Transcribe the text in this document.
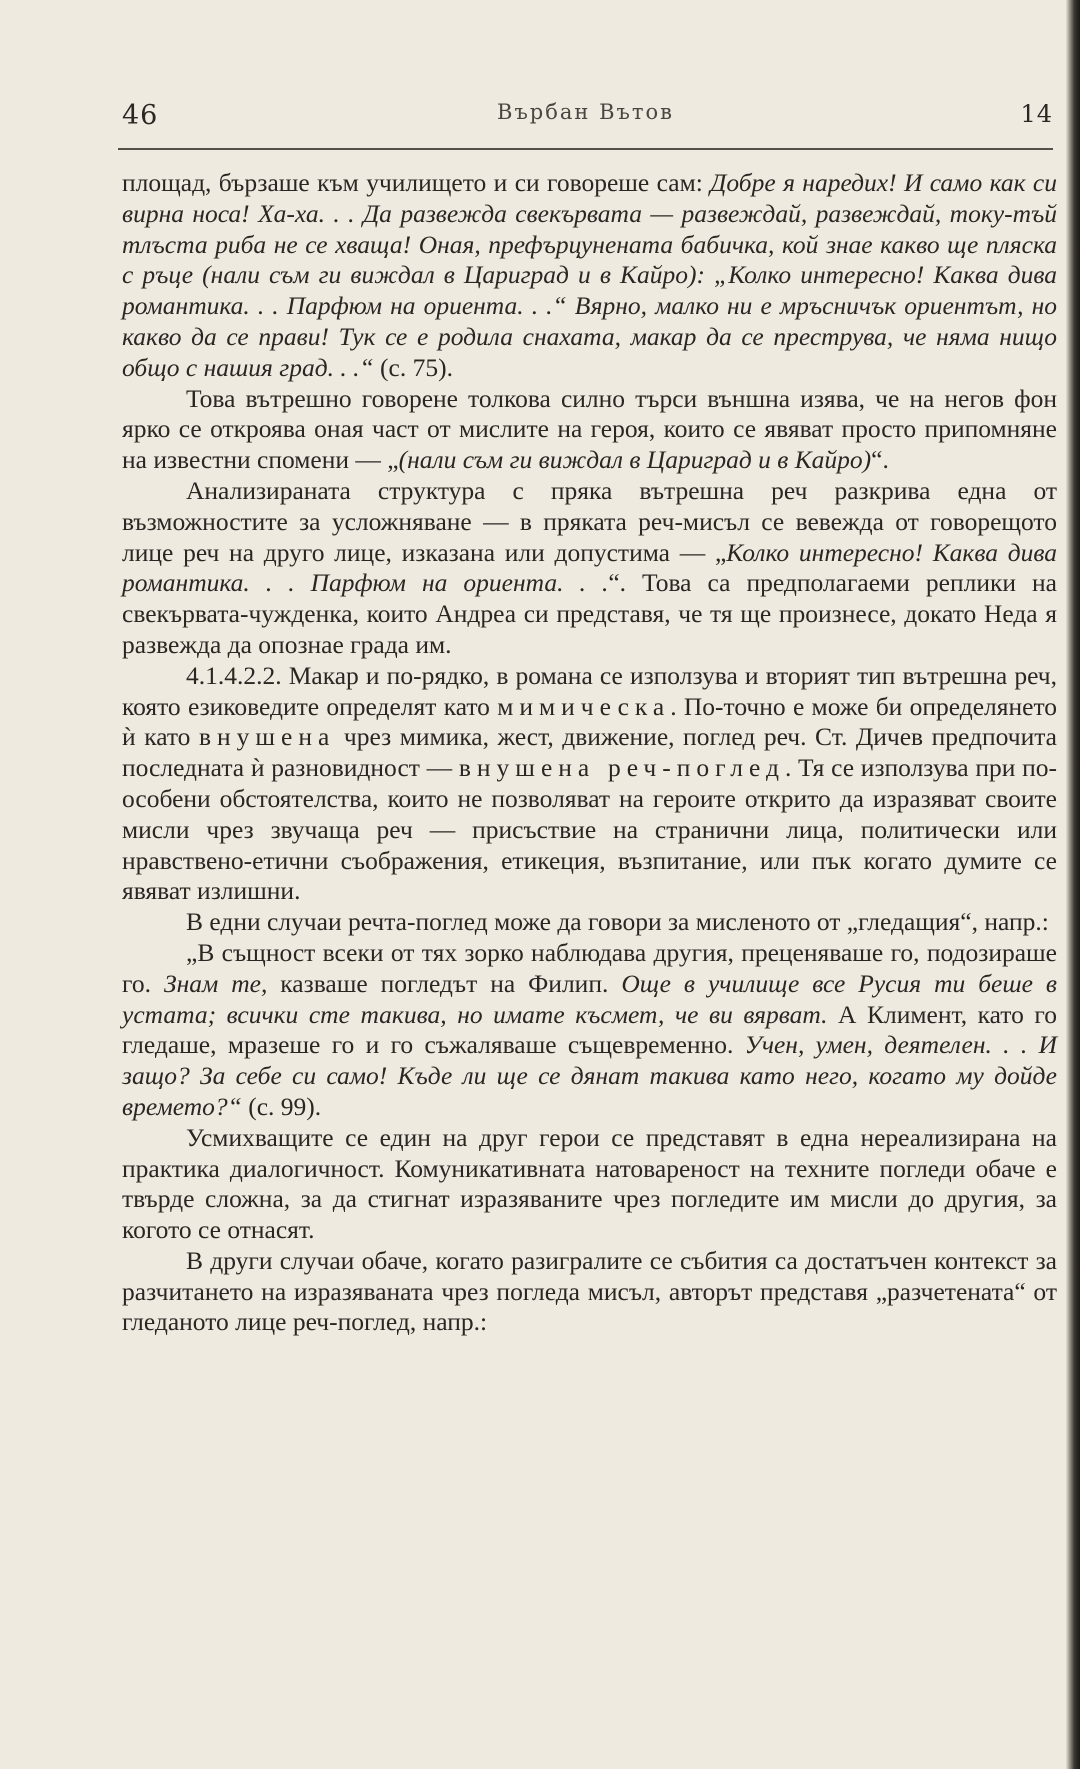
Върбан Вътов
46	14

площад, бързаше към училището и си говореше сам: Добре я наредих! И само как си вирна носа! Ха-ха. . . Да развежда свекървата — развеждай, развеждай, току-тъй тлъста риба не се хваща! Оная, префърцунената бабичка, кой знае какво ще пляска с ръце (нали съм ги виждал в Цариград и в Кайро): „Колко интересно! Каква дива романтика. . . Парфюм на ориента. . .“ Вярно, малко ни е мръсничък ориентът, но какво да се прави! Тук се е родила снахата, макар да се преструва, че няма нищо общо с нашия град. . .“ (с. 75).

Това вътрешно говорене толкова силно търси външна изява, че на негов фон ярко се откроява оная част от мислите на героя, които се явяват просто припомняне на известни спомени — „(нали съм ги виждал в Цариград и в Кайро)“.

Анализираната структура с пряка вътрешна реч разкрива една от възможностите за усложняване — в пряката реч-мисъл се вевежда от говорещото лице реч на друго лице, изказана или допустима — „Колко интересно! Каква дива романтика. . . Парфюм на ориента. . .“. Това са предполагаеми реплики на свекървата-чужденка, които Андреа си представя, че тя ще произнесе, докато Неда я развежда да опознае града им.

4.1.4.2.2. Макар и по-рядко, в романа се използува и вторият тип вътрешна реч, която езиковедите определят като мимическа. По-точно е може би определянето ѝ като внушена чрез мимика, жест, движение, поглед реч. Ст. Дичев предпочита последната ѝ разновидност — внушена реч-поглед. Тя се използува при по-особени обстоятелства, които не позволяват на героите открито да изразяват своите мисли чрез звучаща реч — присъствие на странични лица, политически или нравствено-етични съображения, етикеция, възпитание, или пък когато думите се явяват излишни.

В едни случаи речта-поглед може да говори за мисленото от „гледащия“, напр.:

„В същност всеки от тях зорко наблюдава другия, преценяваше го, подозираше го. Знам те, казваше погледът на Филип. Още в училище все Русия ти беше в устата; всички сте такива, но имате късмет, че ви вярват. А Климент, като го гледаше, мразеше го и го съжаляваше същевременно. Учен, умен, деятелен. . . И защо? За себе си само! Къде ли ще се дянат такива като него, когато му дойде времето?“ (с. 99).

Усмихващите се един на друг герои се представят в една нереализирана на практика диалогичност. Комуникативната натовареност на техните погледи обаче е твърде сложна, за да стигнат изразяваните чрез погледите им мисли до другия, за когото се отнасят.

В други случаи обаче, когато разигралите се събития са достатъчен контекст за разчитането на изразяваната чрез погледа мисъл, авторът представя „разчетената“ от гледаното лице реч-поглед, напр.:
